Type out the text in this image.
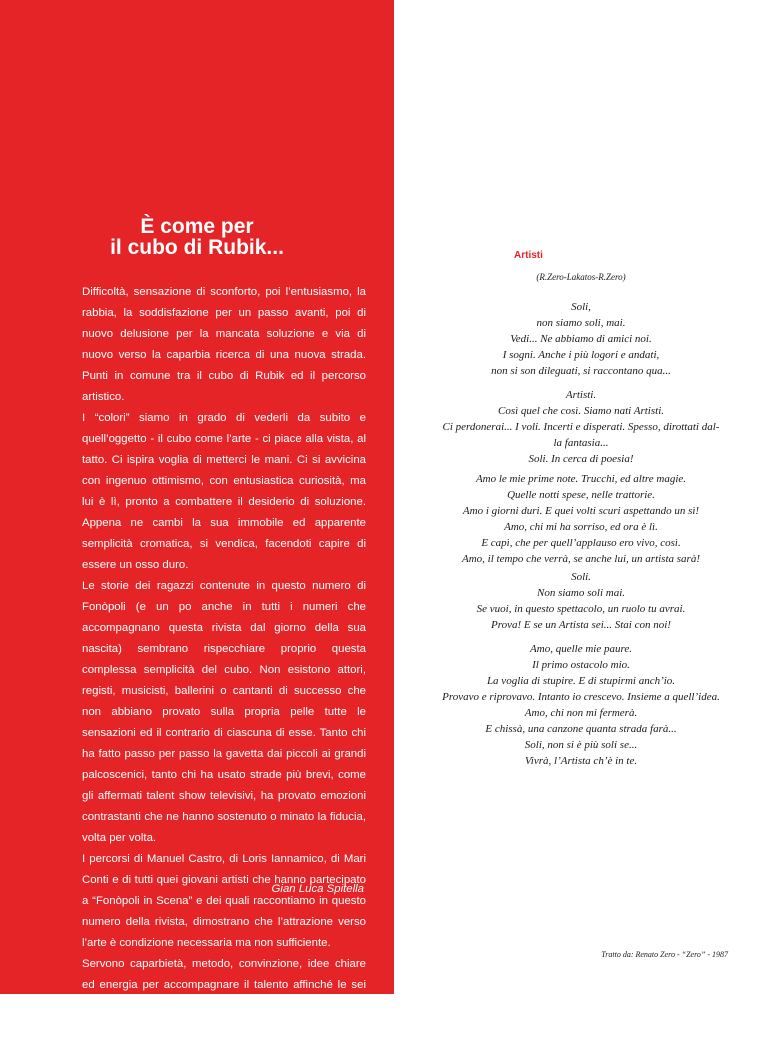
È come per
il cubo di Rubik...

Difficoltà, sensazione di sconforto, poi l’entusiasmo, la rabbia, la soddisfazione per un passo avanti, poi di nuovo delusione per la mancata soluzione e via di nuovo verso la caparbia ricerca di una nuova strada. Punti in comune tra il cubo di Rubik ed il percorso artistico.

I “colori” siamo in grado di vederli da subito e quell’oggetto - il cubo come l’arte - ci piace alla vista, al tatto. Ci ispira voglia di metterci le mani. Ci si avvicina con ingenuo ottimismo, con entusiastica curiosità, ma lui è lì, pronto a combattere il desiderio di soluzione. Appena ne cambi la sua immobile ed apparente semplicità cromatica, si vendica, facendoti capire di essere un osso duro.

Le storie dei ragazzi contenute in questo numero di Fonòpoli (e un po anche in tutti i numeri che accompagnano questa rivista dal giorno della sua nascita) sembrano rispecchiare proprio questa complessa semplicità del cubo. Non esistono attori, registi, musicisti, ballerini o cantanti di successo che non abbiano provato sulla propria pelle tutte le sensazioni ed il contrario di ciascuna di esse. Tanto chi ha fatto passo per passo la gavetta dai piccoli ai grandi palcoscenici, tanto chi ha usato strade più brevi, come gli affermati talent show televisivi, ha provato emozioni contrastanti che ne hanno sostenuto o minato la fiducia, volta per volta.

I percorsi di Manuel Castro, di Loris Iannamico, di Mari Conti e di tutti quei giovani artisti che hanno partecipato a “Fonòpoli in Scena” e dei quali raccontiamo in questo numero della rivista, dimostrano che l’attrazione verso l’arte è condizione necessaria ma non sufficiente.

Servono caparbietà, metodo, convinzione, idee chiare ed energia per accompagnare il talento affinché le sei facce di questo complicato cubo, risultino uniformi e pronte ad ingarbugliarsi di nuovo.

Gian Luca Spitella
Artisti
(R.Zero-Lakatos-R.Zero)
Soli,
non siamo soli, mai.
Vedi... Ne abbiamo di amici noi.
I sogni. Anche i più logori e andati,
non si son dileguati, si raccontano qua...
Artisti.
Così quel che così. Siamo nati Artisti.
Ci perdonerai... I voli. Incerti e disperati. Spesso, dirottati dal-
la fantasia...
Soli. In cerca di poesia!
Amo le mie prime note. Trucchi, ed altre magie.
Quelle notti spese, nelle trattorie.
Amo i giorni duri. E quei volti scuri aspettando un sì!
Amo, chi mi ha sorriso, ed ora è lì.
E capì, che per quell’applauso ero vivo, così.
Amo, il tempo che verrà, se anche lui, un artista sarà!
Soli.
Non siamo soli mai.
Se vuoi, in questo spettacolo, un ruolo tu avrai.
Prova! E se un Artista sei... Stai con noi!
Amo, quelle mie paure.
Il primo ostacolo mio.
La voglia di stupire. E di stupirmi anch’io.
Provavo e riprovavo. Intanto io crescevo. Insieme a quell’idea.
Amo, chi non mi fermerà.
E chissà, una canzone quanta strada farà...
Soli, non si è più soli se...
Vivrà, l’Artista ch’è in te.
Tratto da: Renato Zero - “Zero” - 1987
